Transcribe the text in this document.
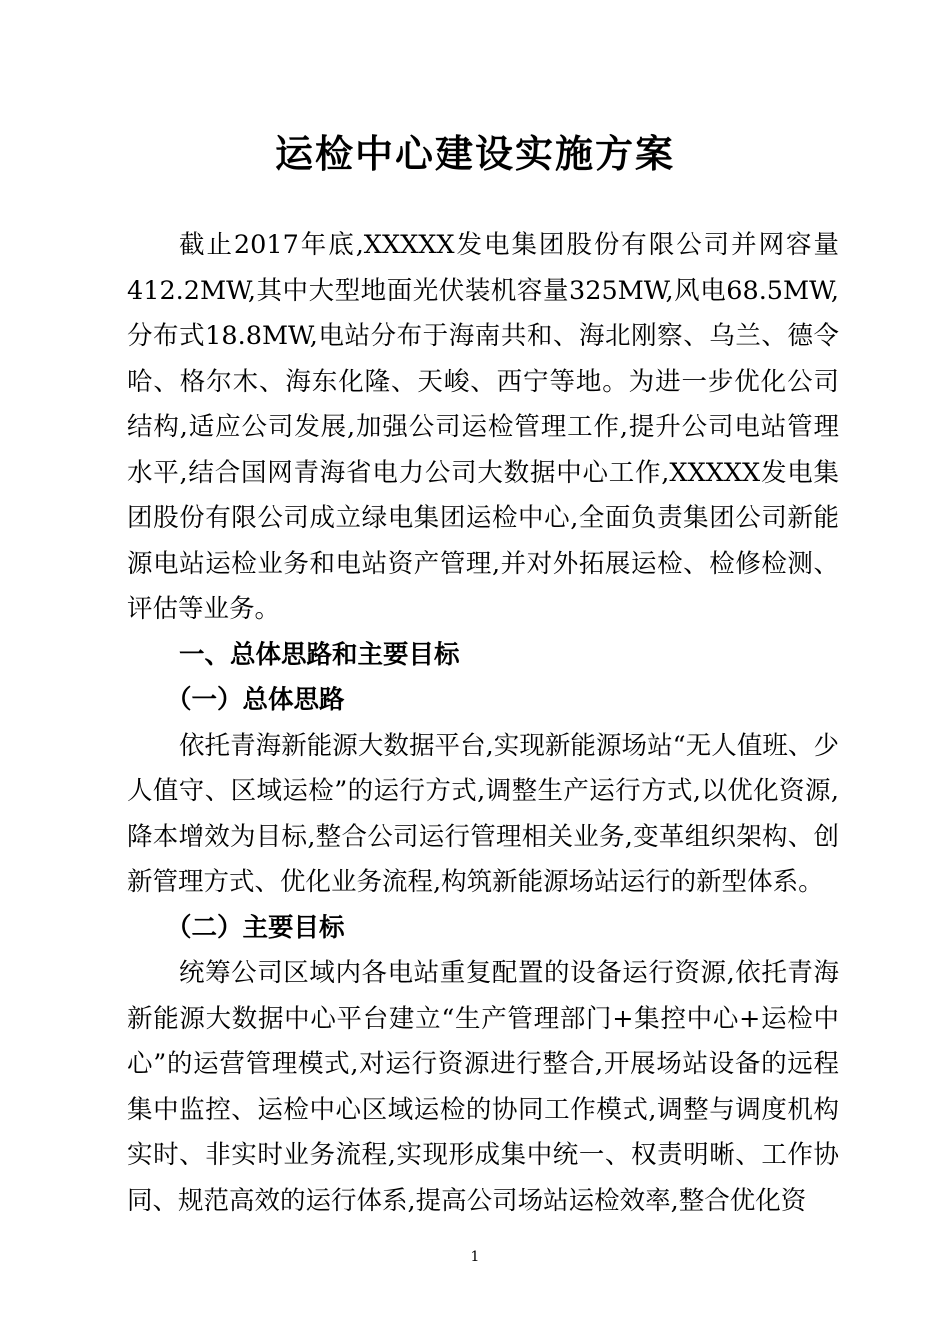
运检中心建设实施方案

截止2017年底,XXXXX发电集团股份有限公司并网容量412.2MW,其中大型地面光伏装机容量325MW,风电68.5MW,分布式18.8MW,电站分布于海南共和、海北刚察、乌兰、德令哈、格尔木、海东化隆、天峻、西宁等地。为进一步优化公司结构,适应公司发展,加强公司运检管理工作,提升公司电站管理水平,结合国网青海省电力公司大数据中心工作,XXXXX发电集团股份有限公司成立绿电集团运检中心,全面负责集团公司新能源电站运检业务和电站资产管理,并对外拓展运检、检修检测、评估等业务。

一、总体思路和主要目标

（一）总体思路

依托青海新能源大数据平台,实现新能源场站“无人值班、少人值守、区域运检”的运行方式,调整生产运行方式,以优化资源,降本增效为目标,整合公司运行管理相关业务,变革组织架构、创新管理方式、优化业务流程,构筑新能源场站运行的新型体系。

（二）主要目标

统筹公司区域内各电站重复配置的设备运行资源,依托青海新能源大数据中心平台建立“生产管理部门+集控中心+运检中心”的运营管理模式,对运行资源进行整合,开展场站设备的远程集中监控、运检中心区域运检的协同工作模式,调整与调度机构实时、非实时业务流程,实现形成集中统一、权责明晰、工作协同、规范高效的运行体系,提高公司场站运检效率,整合优化资

1
